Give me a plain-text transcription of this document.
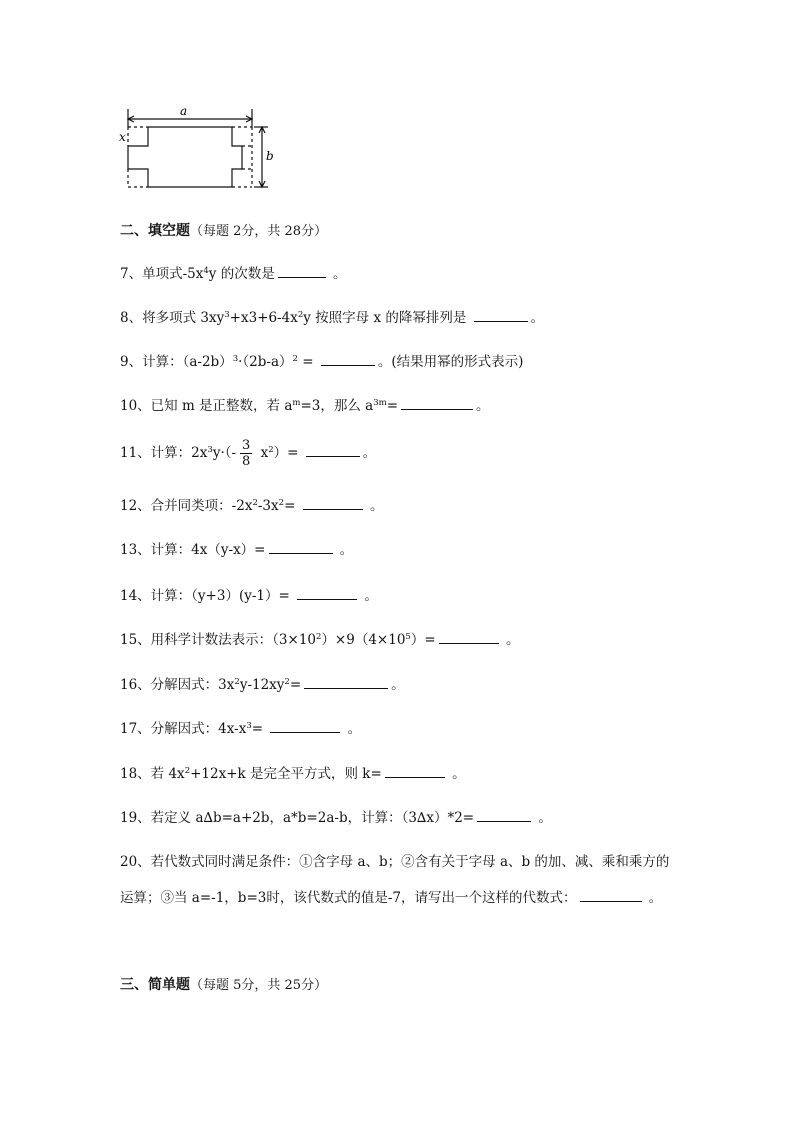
a
b
x
二、填空题（每题 2分，共 28分）
7、单项式$-5x^4y$ 的次数是	。
8、将多项式 $3xy^3+x3+6-4x^2y$ 按照字母 x 的降幂排列是	。
9、计算：$(a-2b)^3\cdot(2b-a)^2$ =	。(结果用幂的形式表示)
10、已知 m 是正整数，若 $a^m=3$，那么 $a^{3m}=$	。
11、计算：$2x^3y\cdot(- \frac{3}{8} x^2)=$	。
12、合并同类项：$-2x^2-3x^2=$	。
13、计算：4x（y-x）=	。
14、计算：（y+3）(y-1）=	。
15、用科学计数法表示：$(3\times 10^2)\times 9(4\times 10^5)=$	。
16、分解因式：$3x^2y-12xy^2=$	。
17、分解因式：$4x-x^3=$	。
18、若 $4x^2+12x+k$ 是完全平方式，则 k=	。
19、若定义 a∆b=a+2b，a*b=2a-b，计算：（3∆x）*2=	。
20、若代数式同时满足条件：①含字母 a、b；②含有关于字母 a、b 的加、减、乘和乘方的
运算；③当 a=-1，b=3时，该代数式的值是-7，请写出一个这样的代数式：	。
三、简单题（每题 5分，共 25分）
